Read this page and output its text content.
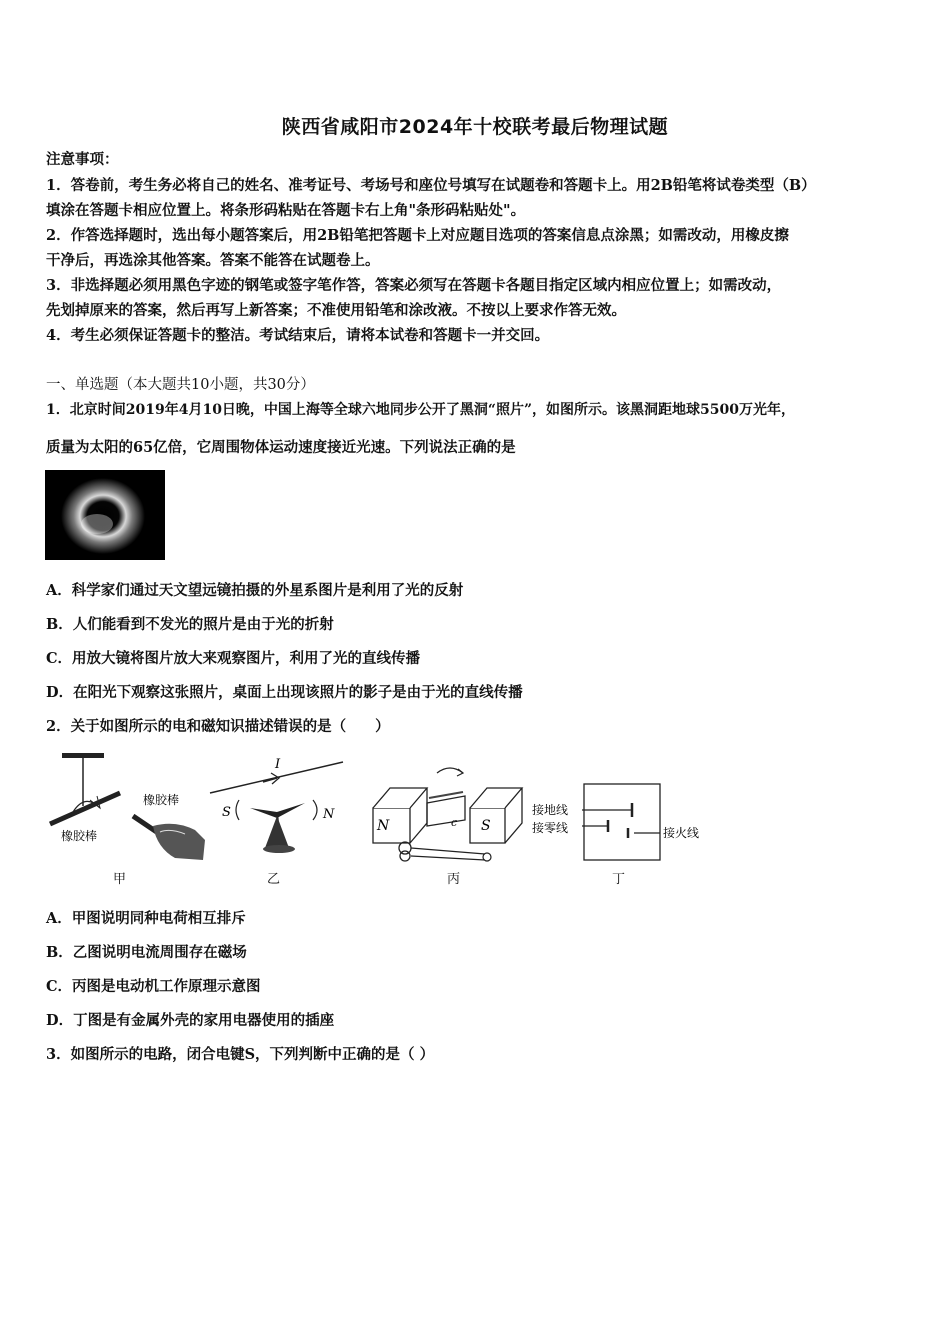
陕西省咸阳市2024年十校联考最后物理试题
注意事项：
1．答卷前，考生务必将自己的姓名、准考证号、考场号和座位号填写在试题卷和答题卡上。用2B铅笔将试卷类型（B）
填涂在答题卡相应位置上。将条形码粘贴在答题卡右上角"条形码粘贴处"。
2．作答选择题时，选出每小题答案后，用2B铅笔把答题卡上对应题目选项的答案信息点涂黑；如需改动，用橡皮擦
干净后，再选涂其他答案。答案不能答在试题卷上。
3．非选择题必须用黑色字迹的钢笔或签字笔作答，答案必须写在答题卡各题目指定区域内相应位置上；如需改动，
先划掉原来的答案，然后再写上新答案；不准使用铅笔和涂改液。不按以上要求作答无效。
4．考生必须保证答题卡的整洁。考试结束后，请将本试卷和答题卡一并交回。
一、单选题（本大题共10小题，共30分）
1．北京时间2019年4月10日晚，中国上海等全球六地同步公开了黑洞“照片”，如图所示。该黑洞距地球5500万光年，
质量为太阳的65亿倍，它周围物体运动速度接近光速。下列说法正确的是
A．科学家们通过天文望远镜拍摄的外星系图片是利用了光的反射
B．人们能看到不发光的照片是由于光的折射
C．用放大镜将图片放大来观察图片，利用了光的直线传播
D．在阳光下观察这张照片，桌面上出现该照片的影子是由于光的直线传播
2．关于如图所示的电和磁知识描述错误的是（　　）
橡胶棒
橡胶棒
I
S	N
N	S
c
接地线
接零线	接火线
甲	乙	丙	丁
A．甲图说明同种电荷相互排斥
B．乙图说明电流周围存在磁场
C．丙图是电动机工作原理示意图
D．丁图是有金属外壳的家用电器使用的插座
3．如图所示的电路，闭合电键S，下列判断中正确的是（ ）
